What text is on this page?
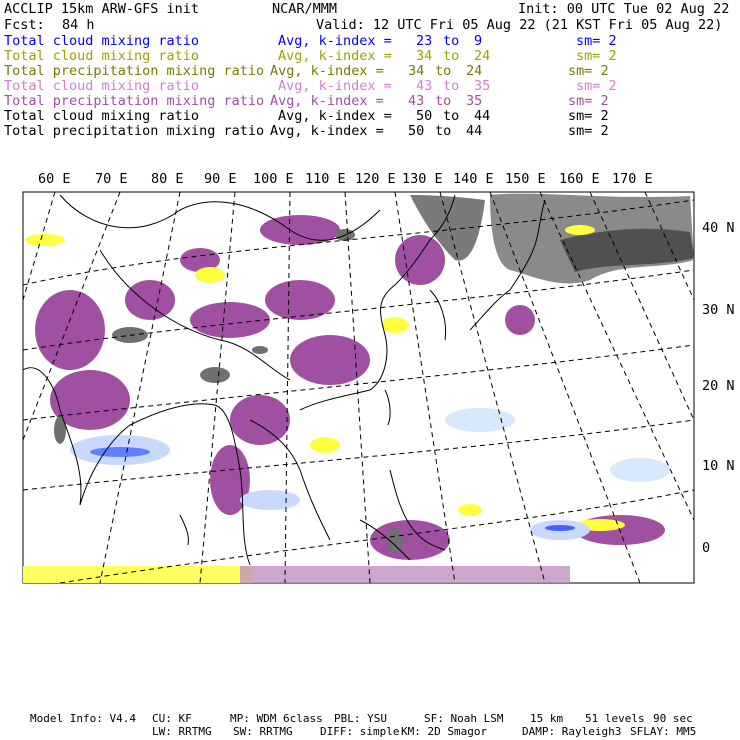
ACCLIP 15km ARW-GFS init	NCAR/MMM	Init: 00 UTC Tue 02 Aug 22
Fcst: 84 h	Valid: 12 UTC Fri 05 Aug 22 (21 KST Fri 05 Aug 22)
Total cloud mixing ratio	Avg, k-index = 23 to 9	sm= 2
Total cloud mixing ratio	Avg, k-index = 34 to 24	sm= 2
Total precipitation mixing ratio Avg, k-index = 34 to 24	sm= 2
Total cloud mixing ratio	Avg, k-index = 43 to 35	sm= 2
Total precipitation mixing ratio Avg, k-index = 43 to 35	sm= 2
Total cloud mixing ratio	Avg, k-index = 50 to 44	sm= 2
Total precipitation mixing ratio Avg, k-index = 50 to 44	sm= 2
60 E 70 E 80 E 90 E 100 E 110 E 120 E 130 E 140 E 150 E 160 E 170 E
40 N
30 N
20 N
10 N
0
Model Info: V4.4 CU: KF	MP: WDM 6class PBL: YSU	SF: Noah LSM 15 km 51 levels 90 sec
LW: RRTMG SW: RRTMG DIFF: simple KM: 2D Smagor	DAMP: Rayleigh3 SFLAY: MM5
